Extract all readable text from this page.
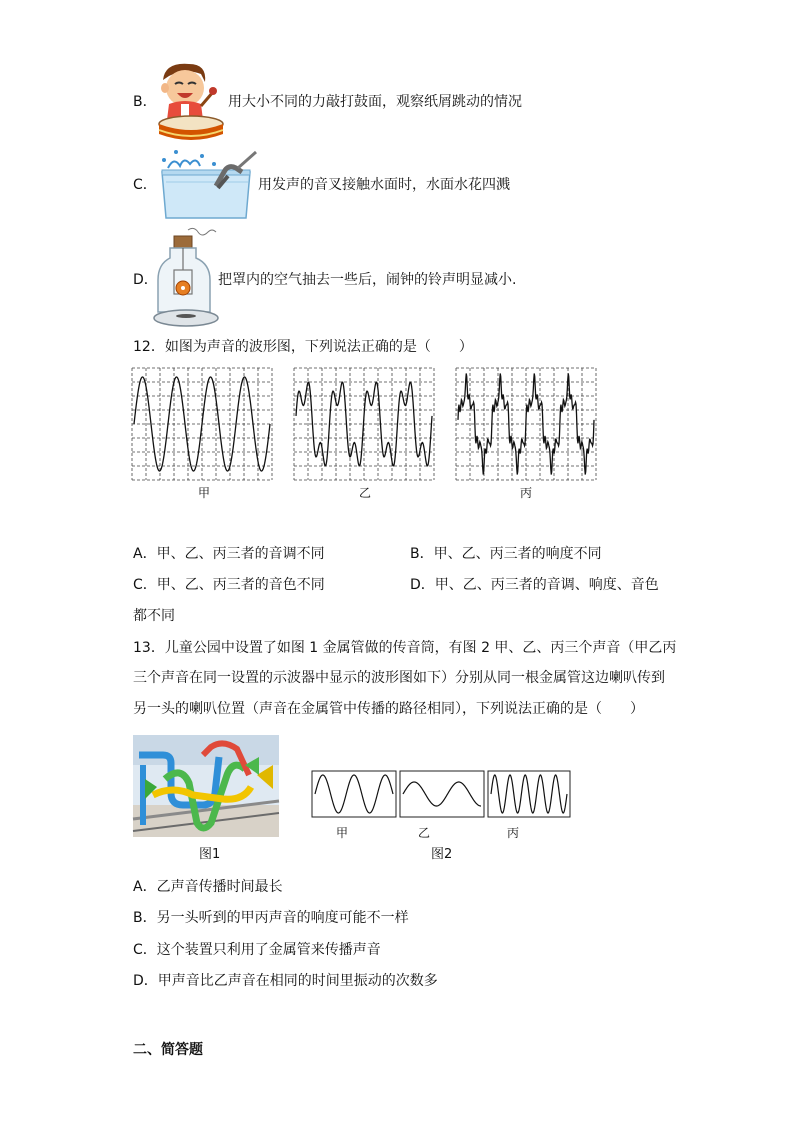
B．	用大小不同的力敲打鼓面，观察纸屑跳动的情况
C．	用发声的音叉接触水面时，水面水花四溅
D．	把罩内的空气抽去一些后，闹钟的铃声明显减小.
12．如图为声音的波形图，下列说法正确的是（　　）
甲	乙	丙
A．甲、乙、丙三者的音调不同	B．甲、乙、丙三者的响度不同
C．甲、乙、丙三者的音色不同	D．甲、乙、丙三者的音调、响度、音色
都不同
13．儿童公园中设置了如图 1 金属管做的传音筒，有图 2 甲、乙、丙三个声音（甲乙丙
三个声音在同一设置的示波器中显示的波形图如下）分别从同一根金属管这边喇叭传到
另一头的喇叭位置（声音在金属管中传播的路径相同），下列说法正确的是（　　）
图1
甲	乙	丙
图2
A．乙声音传播时间最长
B．另一头听到的甲丙声音的响度可能不一样
C．这个装置只利用了金属管来传播声音
D．甲声音比乙声音在相同的时间里振动的次数多
二、简答题
